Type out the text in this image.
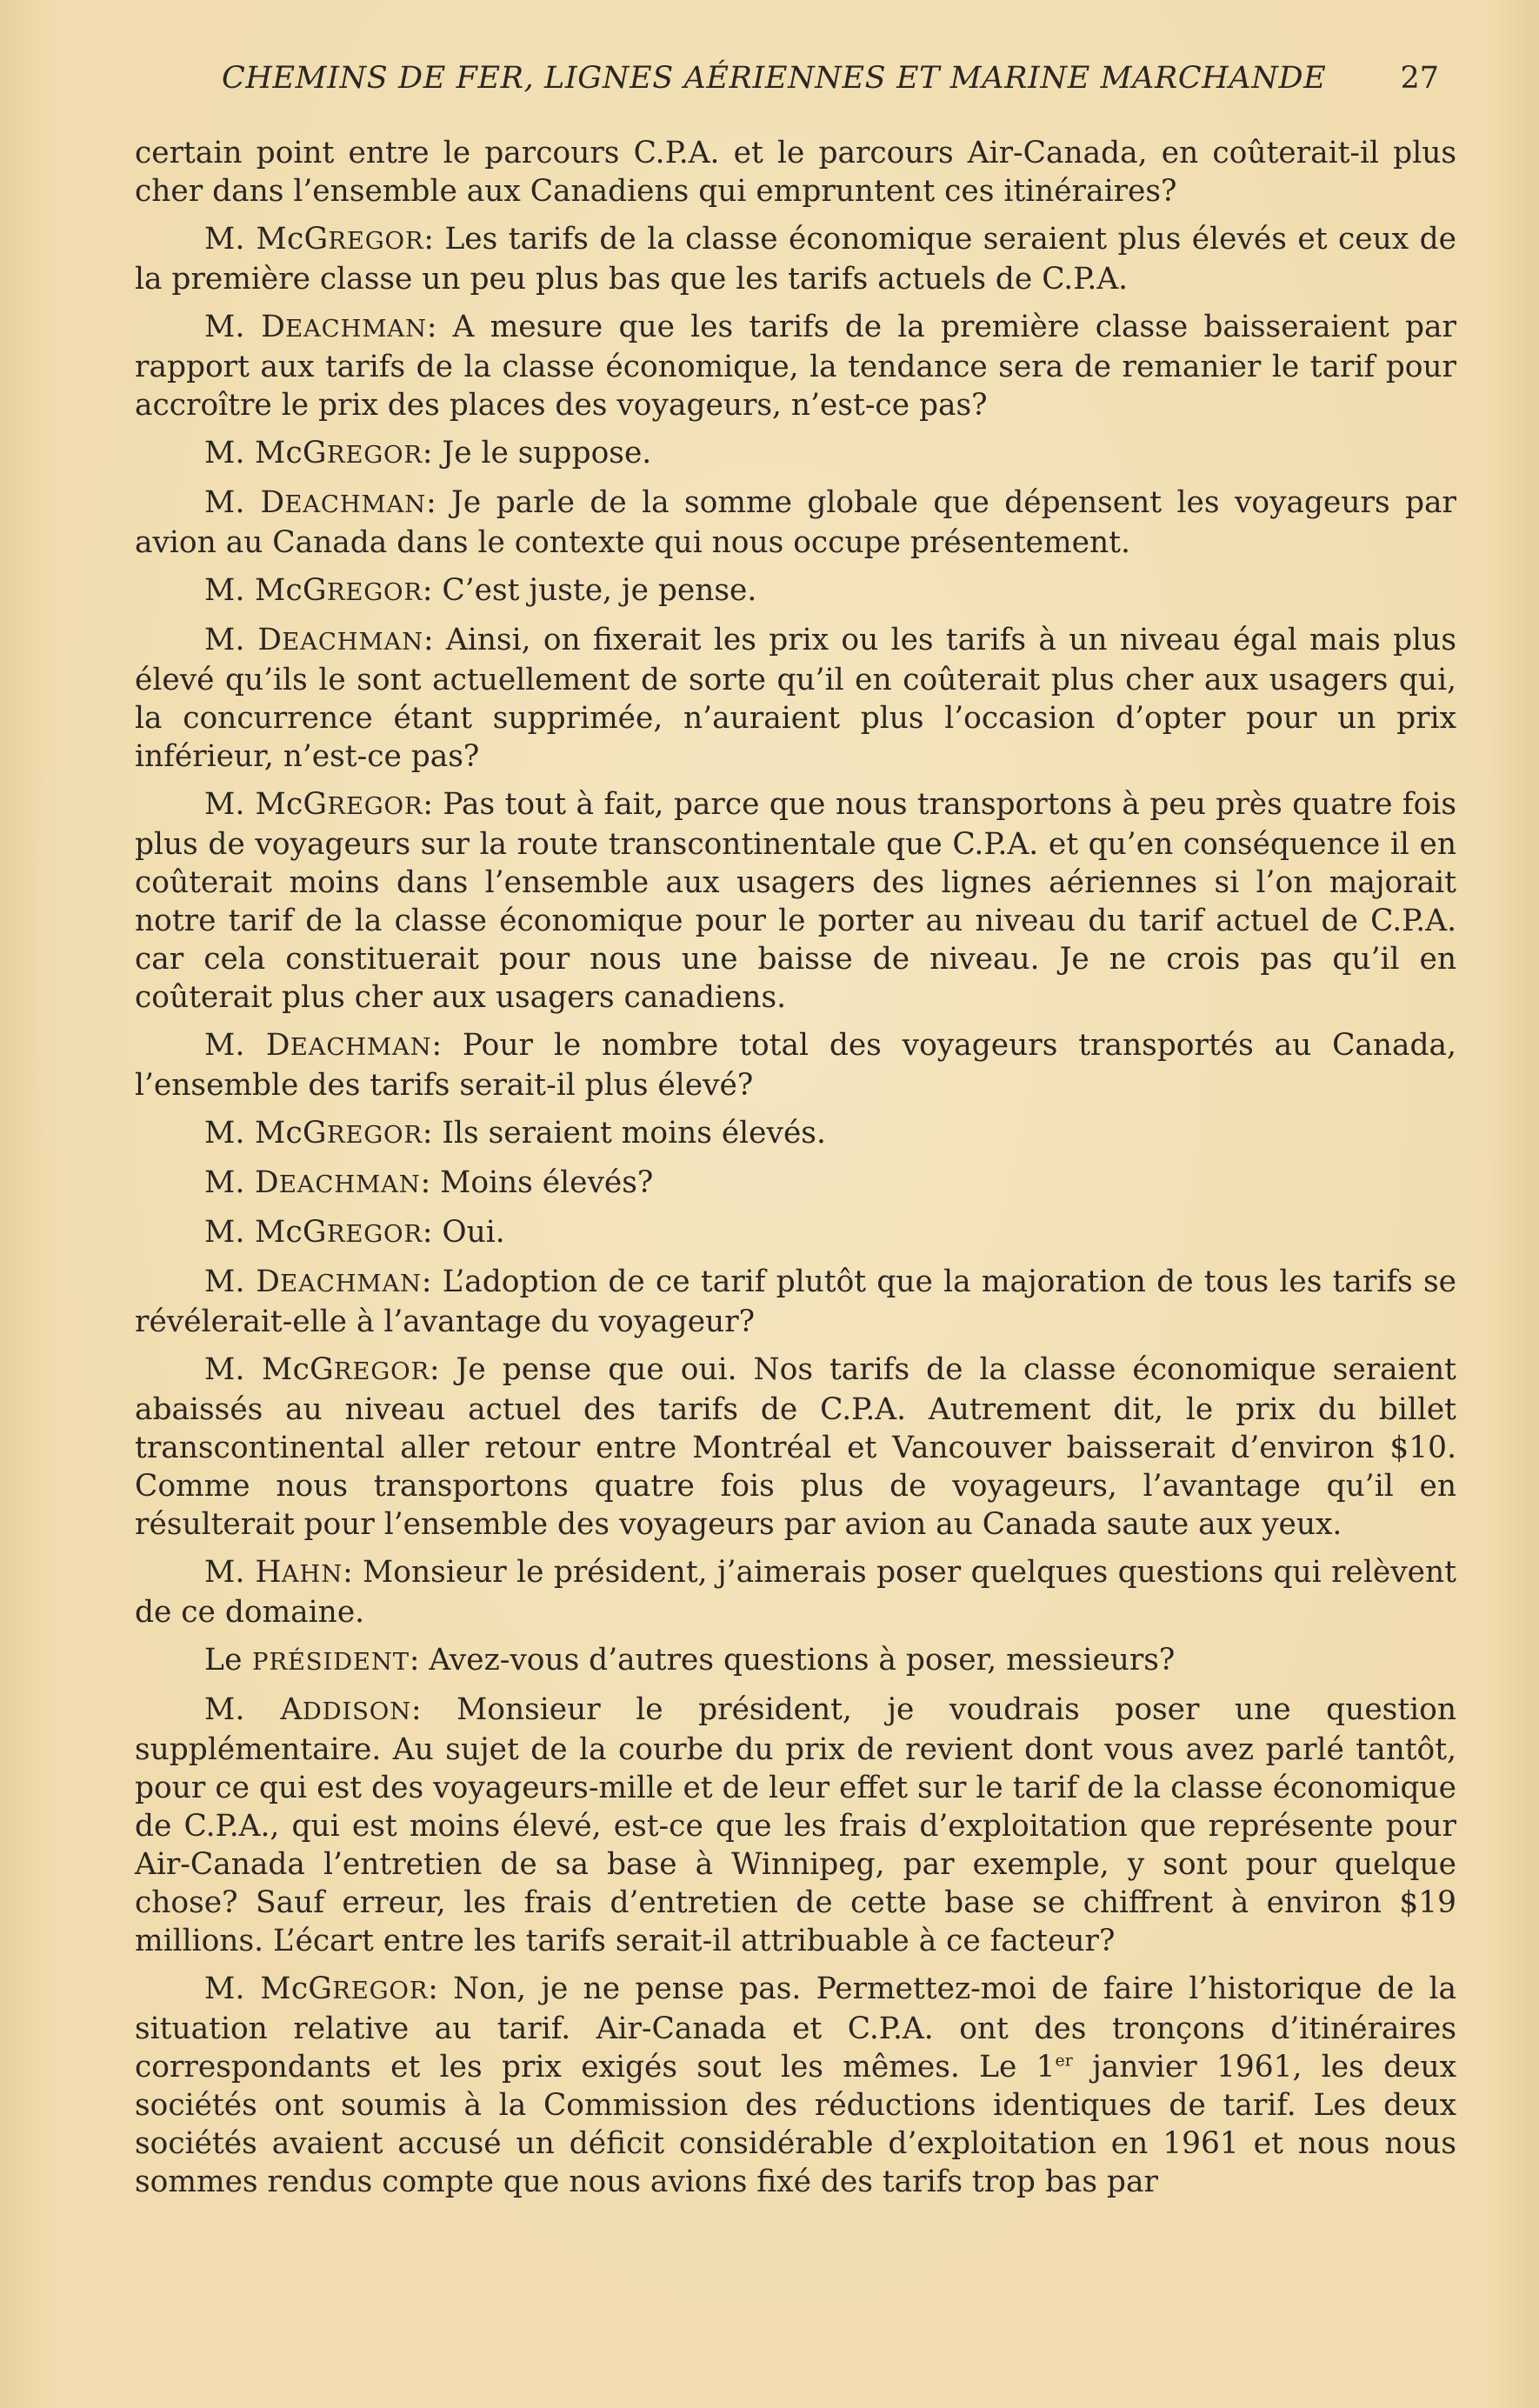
CHEMINS DE FER, LIGNES AÉRIENNES ET MARINE MARCHANDE 27

certain point entre le parcours C.P.A. et le parcours Air-Canada, en coûterait-il plus cher dans l’ensemble aux Canadiens qui empruntent ces itinéraires?

M. McGREGOR: Les tarifs de la classe économique seraient plus élevés et ceux de la première classe un peu plus bas que les tarifs actuels de C.P.A.

M. DEACHMAN: A mesure que les tarifs de la première classe baisseraient par rapport aux tarifs de la classe économique, la tendance sera de remanier le tarif pour accroître le prix des places des voyageurs, n’est-ce pas?

M. McGREGOR: Je le suppose.

M. DEACHMAN: Je parle de la somme globale que dépensent les voyageurs par avion au Canada dans le contexte qui nous occupe présentement.

M. McGREGOR: C’est juste, je pense.

M. DEACHMAN: Ainsi, on fixerait les prix ou les tarifs à un niveau égal mais plus élevé qu’ils le sont actuellement de sorte qu’il en coûterait plus cher aux usagers qui, la concurrence étant supprimée, n’auraient plus l’occasion d’opter pour un prix inférieur, n’est-ce pas?

M. McGREGOR: Pas tout à fait, parce que nous transportons à peu près quatre fois plus de voyageurs sur la route transcontinentale que C.P.A. et qu’en conséquence il en coûterait moins dans l’ensemble aux usagers des lignes aériennes si l’on majorait notre tarif de la classe économique pour le porter au niveau du tarif actuel de C.P.A. car cela constituerait pour nous une baisse de niveau. Je ne crois pas qu’il en coûterait plus cher aux usagers canadiens.

M. DEACHMAN: Pour le nombre total des voyageurs transportés au Canada, l’ensemble des tarifs serait-il plus élevé?

M. McGREGOR: Ils seraient moins élevés.

M. DEACHMAN: Moins élevés?

M. McGREGOR: Oui.

M. DEACHMAN: L’adoption de ce tarif plutôt que la majoration de tous les tarifs se révélerait-elle à l’avantage du voyageur?

M. McGREGOR: Je pense que oui. Nos tarifs de la classe économique seraient abaissés au niveau actuel des tarifs de C.P.A. Autrement dit, le prix du billet transcontinental aller retour entre Montréal et Vancouver baisserait d’environ $10. Comme nous transportons quatre fois plus de voyageurs, l’avantage qu’il en résulterait pour l’ensemble des voyageurs par avion au Canada saute aux yeux.

M. HAHN: Monsieur le président, j’aimerais poser quelques questions qui relèvent de ce domaine.

Le PRÉSIDENT: Avez-vous d’autres questions à poser, messieurs?

M. ADDISON: Monsieur le président, je voudrais poser une question supplémentaire. Au sujet de la courbe du prix de revient dont vous avez parlé tantôt, pour ce qui est des voyageurs-mille et de leur effet sur le tarif de la classe économique de C.P.A., qui est moins élevé, est-ce que les frais d’exploitation que représente pour Air-Canada l’entretien de sa base à Winnipeg, par exemple, y sont pour quelque chose? Sauf erreur, les frais d’entretien de cette base se chiffrent à environ $19 millions. L’écart entre les tarifs serait-il attribuable à ce facteur?

M. McGREGOR: Non, je ne pense pas. Permettez-moi de faire l’historique de la situation relative au tarif. Air-Canada et C.P.A. ont des tronçons d’itinéraires correspondants et les prix exigés sout les mêmes. Le 1er janvier 1961, les deux sociétés ont soumis à la Commission des réductions identiques de tarif. Les deux sociétés avaient accusé un déficit considérable d’exploitation en 1961 et nous nous sommes rendus compte que nous avions fixé des tarifs trop bas par
